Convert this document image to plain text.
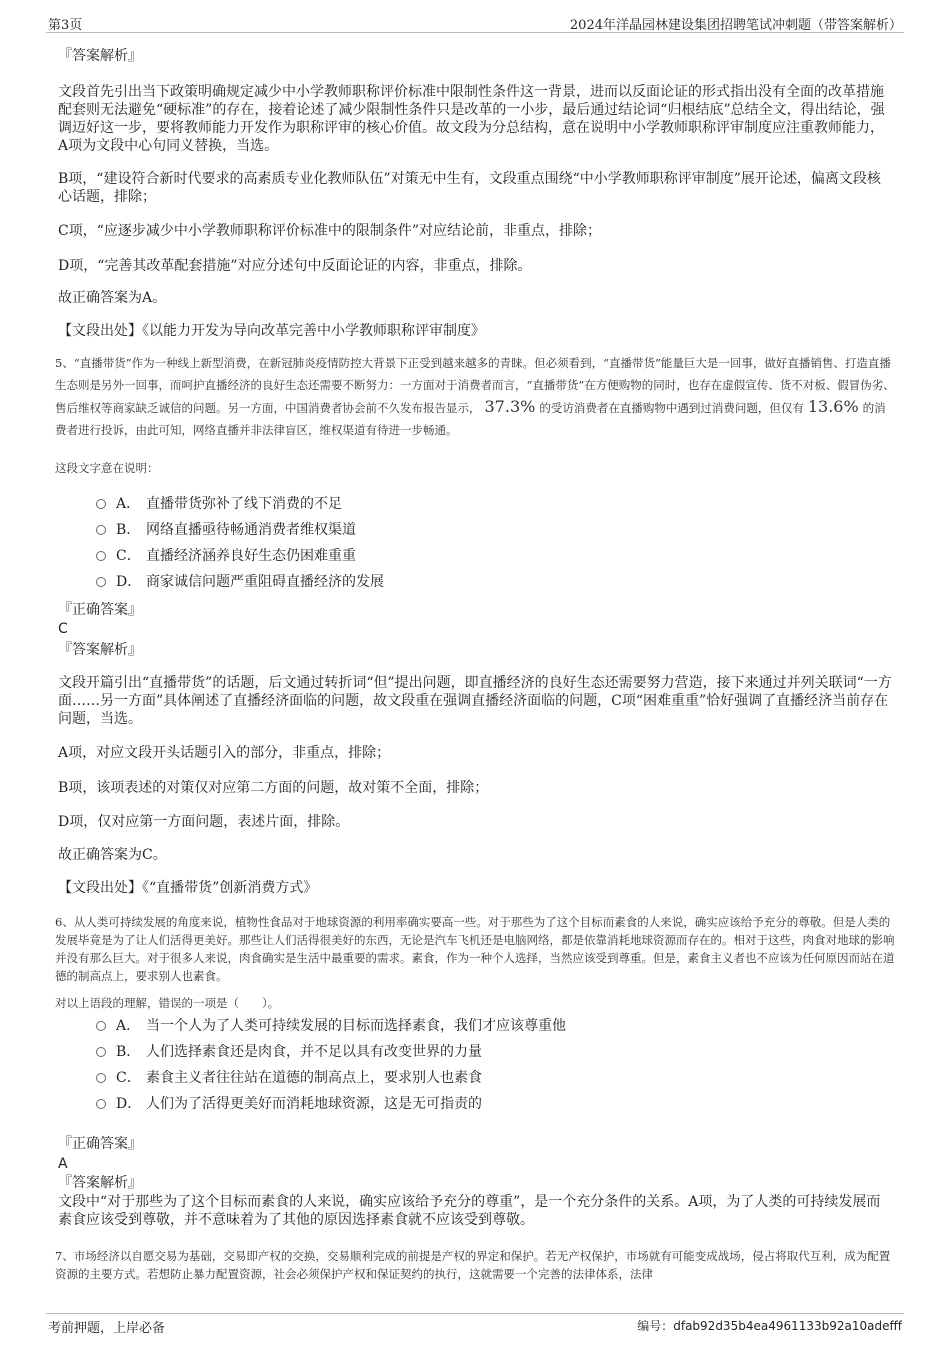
第3页	2024年洋晶园林建设集团招聘笔试冲刺题（带答案解析）
『答案解析』

文段首先引出当下政策明确规定减少中小学教师职称评价标准中限制性条件这一背景，进而以反面论证的形式指出没有全面的改革措施配套则无法避免“硬标准”的存在，接着论述了减少限制性条件只是改革的一小步，最后通过结论词“归根结底”总结全文，得出结论，强调迈好这一步，要将教师能力开发作为职称评审的核心价值。故文段为分总结构，意在说明中小学教师职称评审制度应注重教师能力，A项为文段中心句同义替换，当选。

B项，“建设符合新时代要求的高素质专业化教师队伍”对策无中生有，文段重点围绕“中小学教师职称评审制度”展开论述，偏离文段核心话题，排除；

C项，“应逐步减少中小学教师职称评价标准中的限制条件”对应结论前，非重点，排除；

D项，“完善其改革配套措施”对应分述句中反面论证的内容，非重点，排除。

故正确答案为A。

【文段出处】《以能力开发为导向改革完善中小学教师职称评审制度》

5、“直播带货”作为一种线上新型消费，在新冠肺炎疫情防控大背景下正受到越来越多的青睐。但必须看到，“直播带货”能量巨大是一回事，做好直播销售、打造直播生态则是另外一回事，而呵护直播经济的良好生态还需要不断努力：一方面对于消费者而言，“直播带货”在方便购物的同时，也存在虚假宣传、货不对板、假冒伪劣、售后维权等商家缺乏诚信的问题。另一方面，中国消费者协会前不久发布报告显示， 37.3% 的受访消费者在直播购物中遇到过消费问题，但仅有 13.6% 的消费者进行投诉，由此可知，网络直播并非法律盲区，维权渠道有待进一步畅通。

这段文字意在说明：

A． 直播带货弥补了线下消费的不足
B． 网络直播亟待畅通消费者维权渠道
C． 直播经济涵养良好生态仍困难重重
D． 商家诚信问题严重阻碍直播经济的发展
『正确答案』
C
『答案解析』

文段开篇引出“直播带货”的话题，后文通过转折词“但”提出问题，即直播经济的良好生态还需要努力营造，接下来通过并列关联词“一方面……另一方面”具体阐述了直播经济面临的问题，故文段重在强调直播经济面临的问题，C项“困难重重”恰好强调了直播经济当前存在问题，当选。

A项，对应文段开头话题引入的部分，非重点，排除；

B项，该项表述的对策仅对应第二方面的问题，故对策不全面，排除；

D项，仅对应第一方面问题，表述片面，排除。

故正确答案为C。

【文段出处】《“直播带货”创新消费方式》

6、从人类可持续发展的角度来说，植物性食品对于地球资源的利用率确实要高一些。对于那些为了这个目标而素食的人来说，确实应该给予充分的尊敬。但是人类的发展毕竟是为了让人们活得更美好。那些让人们活得很美好的东西，无论是汽车飞机还是电脑网络，都是依靠消耗地球资源而存在的。相对于这些，肉食对地球的影响并没有那么巨大。对于很多人来说，肉食确实是生活中最重要的需求。素食，作为一种个人选择，当然应该受到尊重。但是，素食主义者也不应该为任何原因而站在道德的制高点上，要求别人也素食。

对以上语段的理解，错误的一项是（　　）。

A． 当一个人为了人类可持续发展的目标而选择素食，我们才应该尊重他
B． 人们选择素食还是肉食，并不足以具有改变世界的力量
C． 素食主义者往往站在道德的制高点上，要求别人也素食
D． 人们为了活得更美好而消耗地球资源，这是无可指责的
『正确答案』
A
『答案解析』

文段中“对于那些为了这个目标而素食的人来说，确实应该给予充分的尊重”，是一个充分条件的关系。A项，为了人类的可持续发展而素食应该受到尊敬，并不意味着为了其他的原因选择素食就不应该受到尊敬。

7、市场经济以自愿交易为基础，交易即产权的交换，交易顺利完成的前提是产权的界定和保护。若无产权保护，市场就有可能变成战场，侵占将取代互利，成为配置资源的主要方式。若想防止暴力配置资源，社会必须保护产权和保证契约的执行，这就需要一个完善的法律体系，法律

考前押题，上岸必备	编号：dfab92d35b4ea4961133b92a10adefff
